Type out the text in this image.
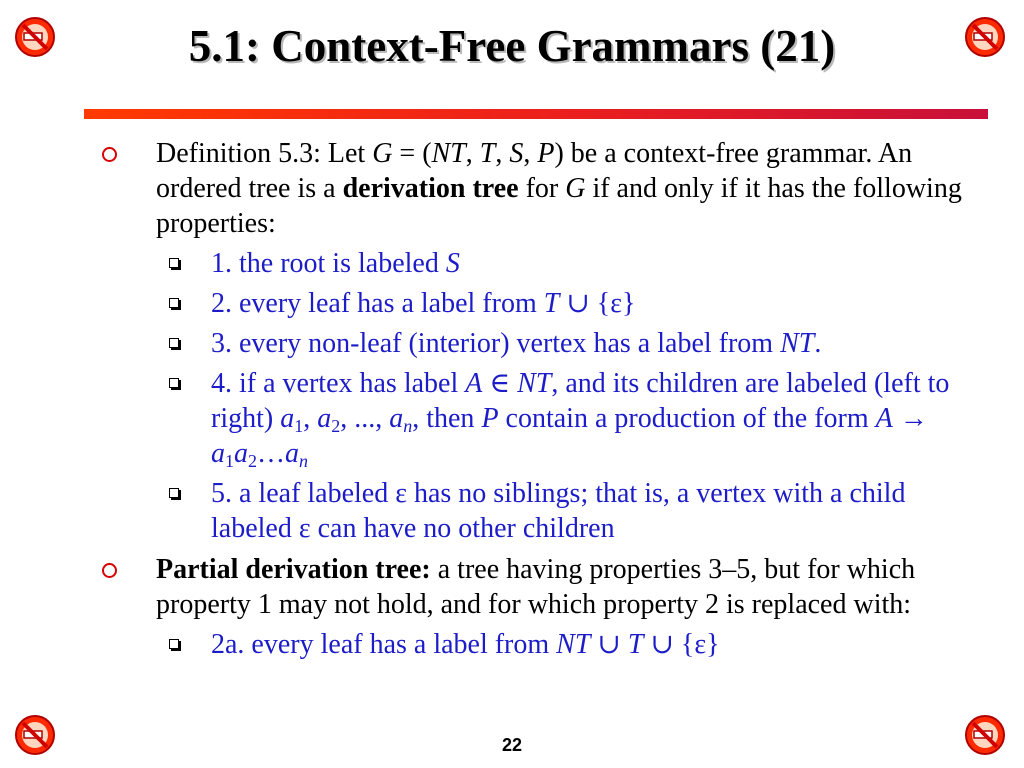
5.1: Context-Free Grammars (21)
Definition 5.3: Let G = (NT, T, S, P) be a context-free grammar. An ordered tree is a derivation tree for G if and only if it has the following properties:
1. the root is labeled S
2. every leaf has a label from T ∪ {ε}
3. every non-leaf (interior) vertex has a label from NT.
4. if a vertex has label A ∈ NT, and its children are labeled (left to right) $a_1$, $a_2$, ..., $a_n$, then P contain a production of the form $A \to a_1a_2\dots a_n$
5. a leaf labeled ε has no siblings; that is, a vertex with a child labeled ε can have no other children
Partial derivation tree: a tree having properties 3–5, but for which property 1 may not hold, and for which property 2 is replaced with:
2a. every leaf has a label from NT ∪ T ∪ {ε}
22
